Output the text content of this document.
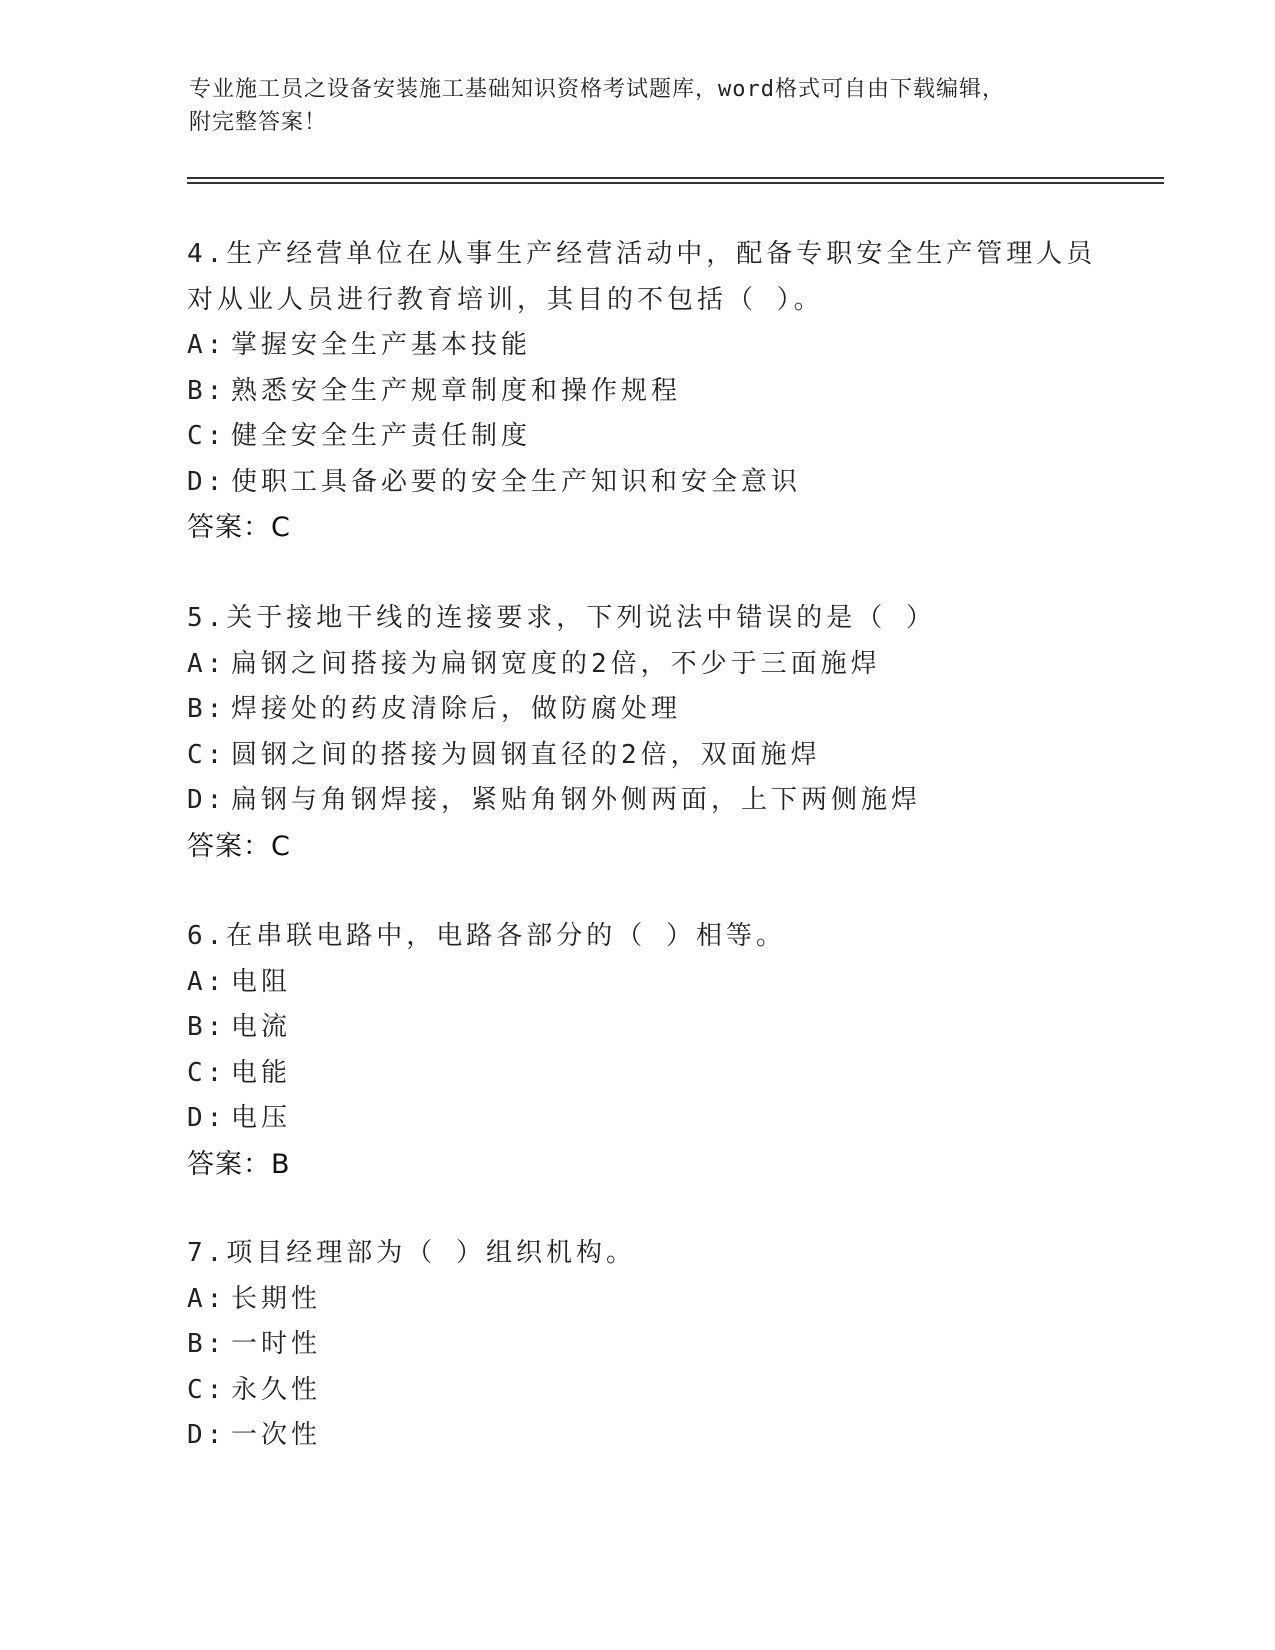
专业施工员之设备安装施工基础知识资格考试题库，word格式可自由下载编辑，
附完整答案！
4.生产经营单位在从事生产经营活动中，配备专职安全生产管理人员
对从业人员进行教育培训，其目的不包括（ ）。
A: 掌握安全生产基本技能
B: 熟悉安全生产规章制度和操作规程
C: 健全安全生产责任制度
D: 使职工具备必要的安全生产知识和安全意识
答案：C
5.关于接地干线的连接要求，下列说法中错误的是（ ）
A: 扁钢之间搭接为扁钢宽度的2倍，不少于三面施焊
B: 焊接处的药皮清除后，做防腐处理
C: 圆钢之间的搭接为圆钢直径的2倍，双面施焊
D: 扁钢与角钢焊接，紧贴角钢外侧两面，上下两侧施焊
答案：C
6.在串联电路中，电路各部分的（ ）相等。
A: 电阻
B: 电流
C: 电能
D: 电压
答案：B
7.项目经理部为（ ）组织机构。
A: 长期性
B: 一时性
C: 永久性
D: 一次性
